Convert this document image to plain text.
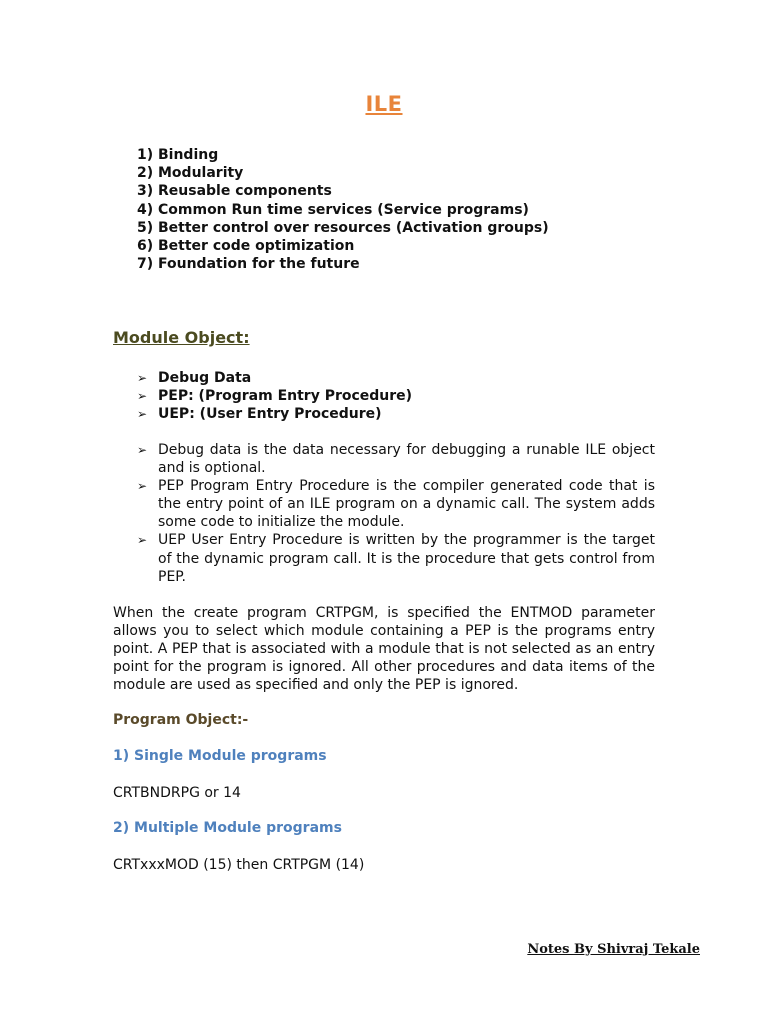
ILE
1) Binding
2) Modularity
3) Reusable components
4) Common Run time services (Service programs)
5) Better control over resources (Activation groups)
6) Better code optimization
7) Foundation for the future
Module Object:
➢ Debug Data
➢ PEP: (Program Entry Procedure)
➢ UEP: (User Entry Procedure)
➢ Debug data is the data necessary for debugging a runable ILE object and is optional.
➢ PEP Program Entry Procedure is the compiler generated code that is the entry point of an ILE program on a dynamic call. The system adds some code to initialize the module.
➢ UEP User Entry Procedure is written by the programmer is the target of the dynamic program call. It is the procedure that gets control from PEP.

When the create program CRTPGM, is specified the ENTMOD parameter allows you to select which module containing a PEP is the programs entry point. A PEP that is associated with a module that is not selected as an entry point for the program is ignored. All other procedures and data items of the module are used as specified and only the PEP is ignored.

Program Object:-
1) Single Module programs
CRTBNDRPG or 14
2) Multiple Module programs
CRTxxxMOD (15) then CRTPGM (14)
Notes By Shivraj Tekale
